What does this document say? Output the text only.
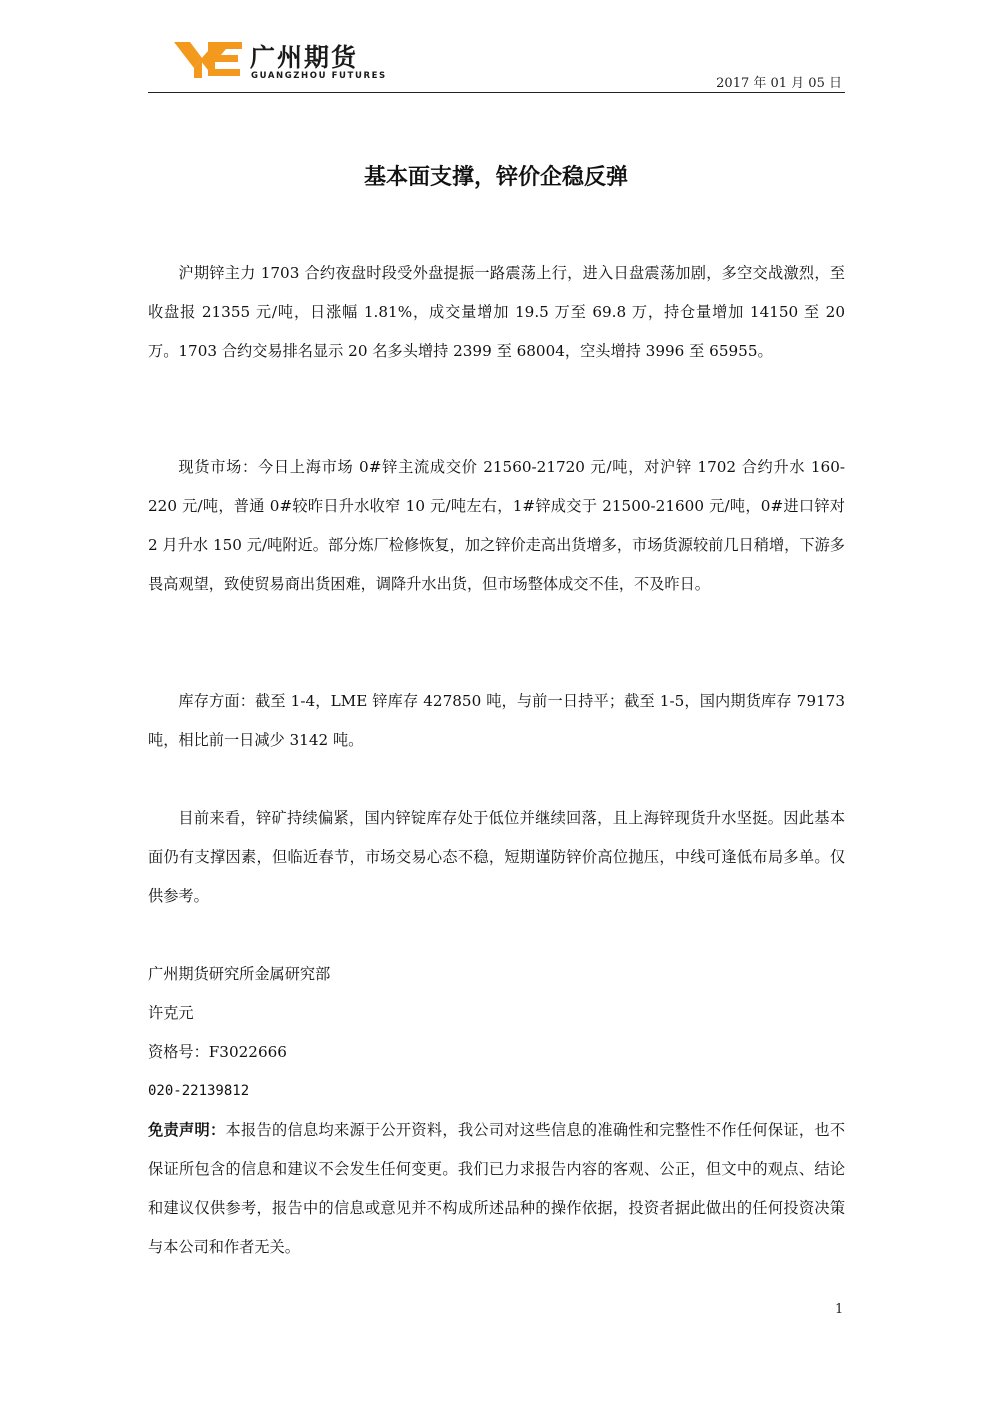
广州期货
GUANGZHOU FUTURES	2017 年 01 月 05 日
基本面支撑，锌价企稳反弹

沪期锌主力 1703 合约夜盘时段受外盘提振一路震荡上行，进入日盘震荡加剧，多空交战激烈，至收盘报 21355 元/吨，日涨幅 1.81%，成交量增加 19.5 万至 69.8 万，持仓量增加 14150 至 20 万。1703 合约交易排名显示 20 名多头增持 2399 至 68004，空头增持 3996 至 65955。

现货市场：今日上海市场 0#锌主流成交价 21560-21720 元/吨，对沪锌 1702 合约升水 160-220 元/吨，普通 0#较昨日升水收窄 10 元/吨左右，1#锌成交于 21500-21600 元/吨，0#进口锌对 2 月升水 150 元/吨附近。部分炼厂检修恢复，加之锌价走高出货增多，市场货源较前几日稍增，下游多畏高观望，致使贸易商出货困难，调降升水出货，但市场整体成交不佳，不及昨日。

库存方面：截至 1-4，LME 锌库存 427850 吨，与前一日持平；截至 1-5，国内期货库存 79173 吨，相比前一日减少 3142 吨。

目前来看，锌矿持续偏紧，国内锌锭库存处于低位并继续回落，且上海锌现货升水坚挺。因此基本面仍有支撑因素，但临近春节，市场交易心态不稳，短期谨防锌价高位抛压，中线可逢低布局多单。仅供参考。

广州期货研究所金属研究部

许克元

资格号：F3022666

020-22139812

免责声明：本报告的信息均来源于公开资料，我公司对这些信息的准确性和完整性不作任何保证，也不保证所包含的信息和建议不会发生任何变更。我们已力求报告内容的客观、公正，但文中的观点、结论和建议仅供参考，报告中的信息或意见并不构成所述品种的操作依据，投资者据此做出的任何投资决策与本公司和作者无关。

1
